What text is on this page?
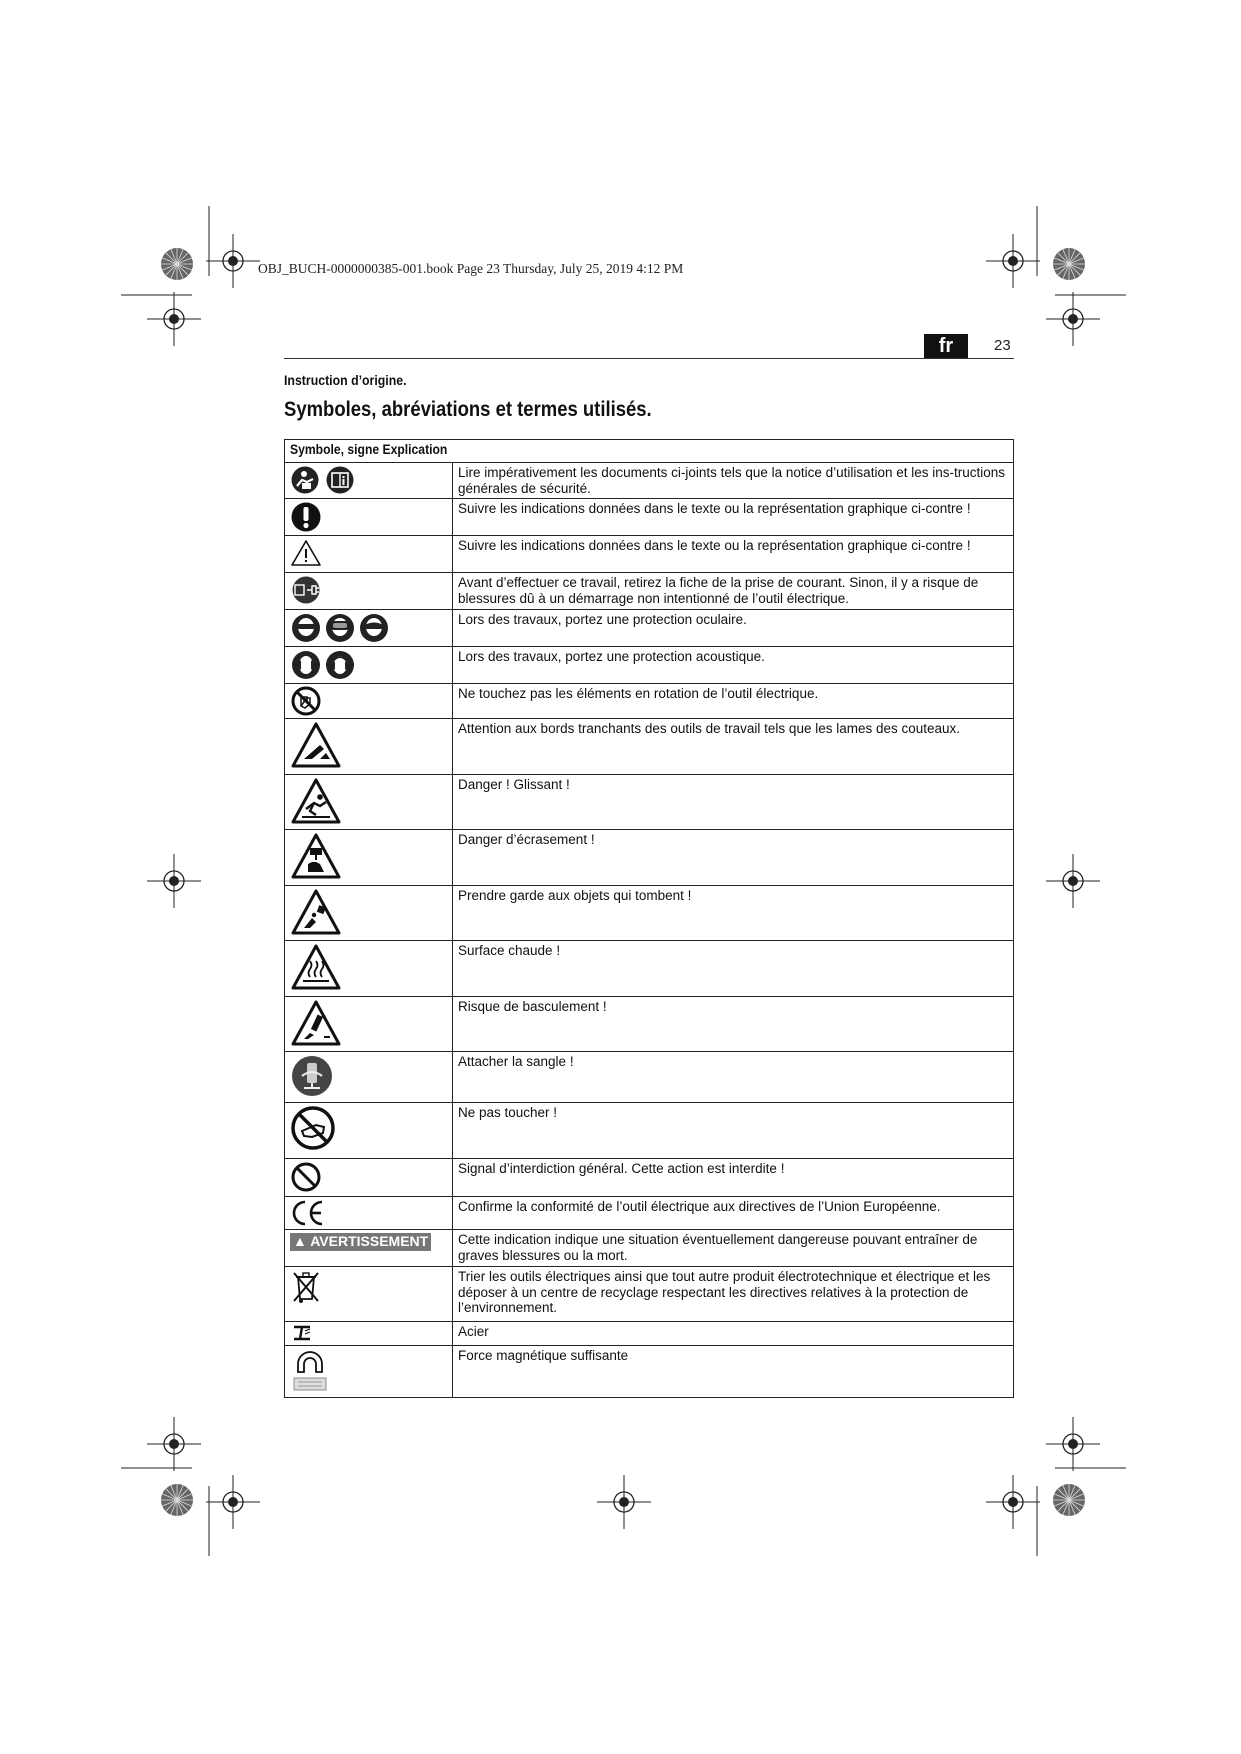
OBJ_BUCH-0000000385-001.book Page 23 Thursday, July 25, 2019 4:12 PM
fr	23
Instruction d’origine.
Symboles, abréviations et termes utilisés.
Symbole, signe Explication	
	Lire impérativement les documents ci-joints tels que la notice d’utilisation et les ins-tructions générales de sécurité.
	Suivre les indications données dans le texte ou la représentation graphique ci-contre !
	Suivre les indications données dans le texte ou la représentation graphique ci-contre !
	Avant d’effectuer ce travail, retirez la fiche de la prise de courant. Sinon, il y a risque de blessures dû à un démarrage non intentionné de l’outil électrique.
	Lors des travaux, portez une protection oculaire.
	Lors des travaux, portez une protection acoustique.
	Ne touchez pas les éléments en rotation de l’outil électrique.
	Attention aux bords tranchants des outils de travail tels que les lames des couteaux.
	Danger ! Glissant !
	Danger d’écrasement !
	Prendre garde aux objets qui tombent !
	Surface chaude !
	Risque de basculement !
	Attacher la sangle !
	Ne pas toucher !
	Signal d’interdiction général. Cette action est interdite !
	Confirme la conformité de l’outil électrique aux directives de l’Union Européenne.
▲ AVERTISSEMENT	Cette indication indique une situation éventuellement dangereuse pouvant entraîner de graves blessures ou la mort.
	Trier les outils électriques ainsi que tout autre produit électrotechnique et électrique et les déposer à un centre de recyclage respectant les directives relatives à la protection de l’environnement.
	Acier
	Force magnétique suffisante
